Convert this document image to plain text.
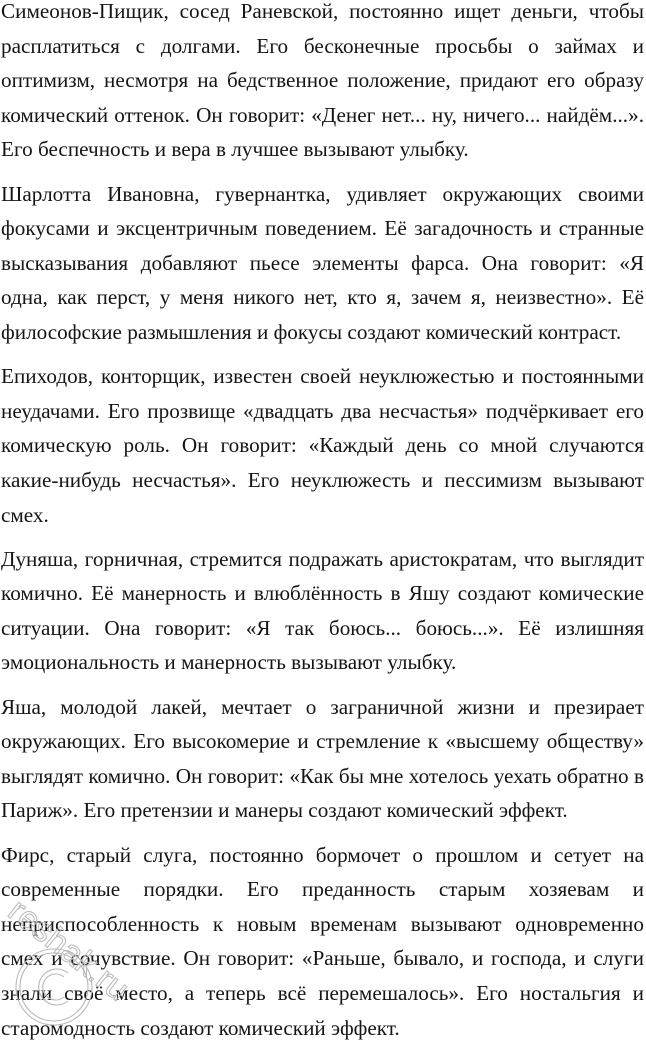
Симеонов-Пищик, сосед Раневской, постоянно ищет деньги, чтобы расплатиться с долгами. Его бесконечные просьбы о займах и оптимизм, несмотря на бедственное положение, придают его образу комический оттенок. Он говорит: «Денег нет... ну, ничего... найдём...». Его беспечность и вера в лучшее вызывают улыбку.

Шарлотта Ивановна, гувернантка, удивляет окружающих своими фокусами и эксцентричным поведением. Её загадочность и странные высказывания добавляют пьесе элементы фарса. Она говорит: «Я одна, как перст, у меня никого нет, кто я, зачем я, неизвестно». Её философские размышления и фокусы создают комический контраст.

Епиходов, конторщик, известен своей неуклюжестью и постоянными неудачами. Его прозвище «двадцать два несчастья» подчёркивает его комическую роль. Он говорит: «Каждый день со мной случаются какие-нибудь несчастья». Его неуклюжесть и пессимизм вызывают смех.

Дуняша, горничная, стремится подражать аристократам, что выглядит комично. Её манерность и влюблённость в Яшу создают комические ситуации. Она говорит: «Я так боюсь... боюсь...». Её излишняя эмоциональность и манерность вызывают улыбку.

Яша, молодой лакей, мечтает о заграничной жизни и презирает окружающих. Его высокомерие и стремление к «высшему обществу» выглядят комично. Он говорит: «Как бы мне хотелось уехать обратно в Париж». Его претензии и манеры создают комический эффект.

Фирс, старый слуга, постоянно бормочет о прошлом и сетует на современные порядки. Его преданность старым хозяевам и неприспособленность к новым временам вызывают одновременно смех и сочувствие. Он говорит: «Раньше, бывало, и господа, и слуги знали своё место, а теперь всё перемешалось». Его ностальгия и старомодность создают комический эффект.

reshak.ru
